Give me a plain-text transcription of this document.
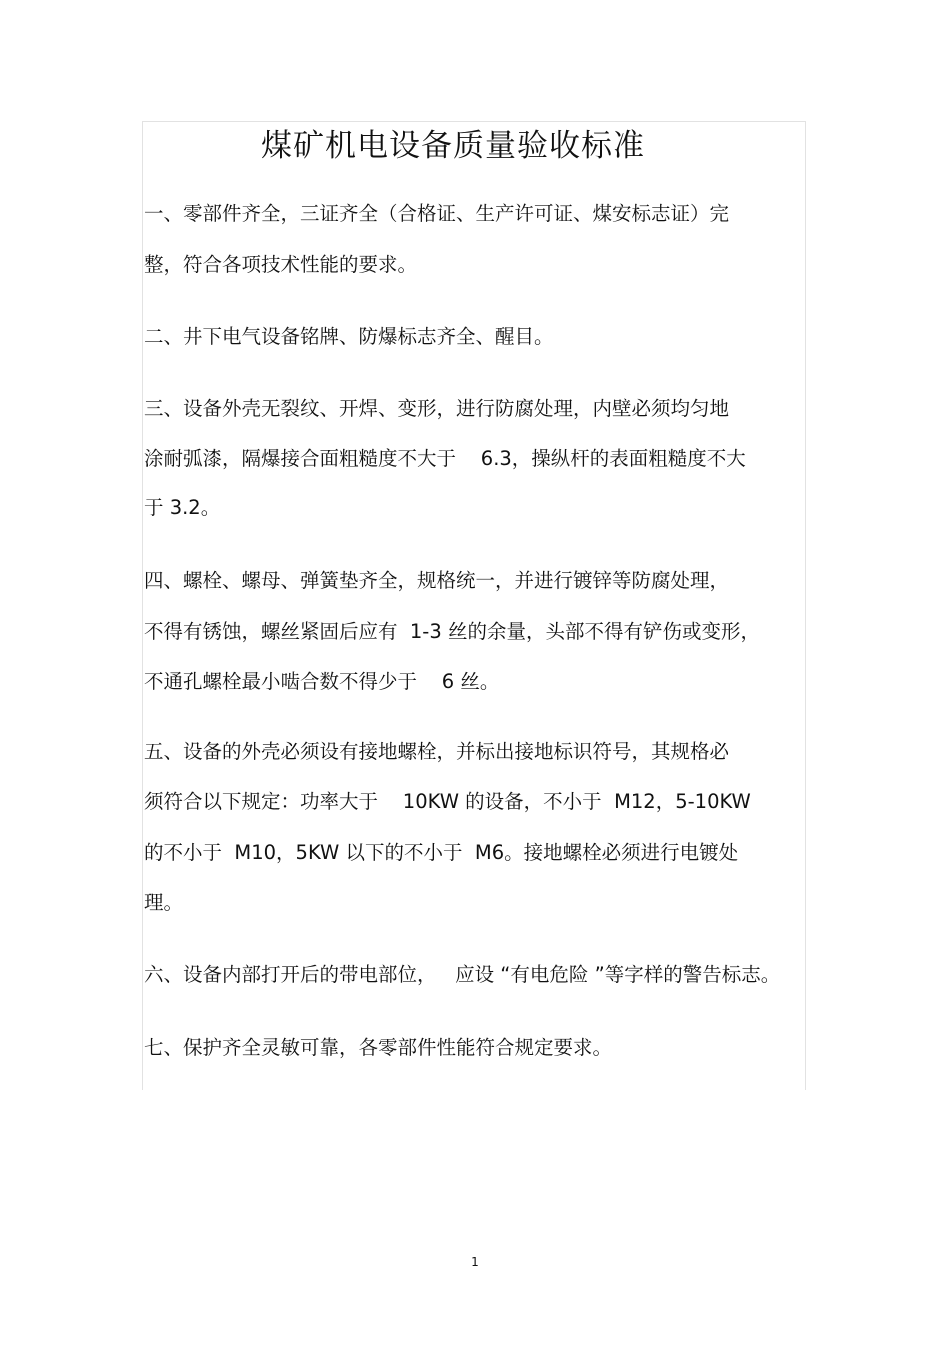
煤矿机电设备质量验收标准
一、零部件齐全，三证齐全（合格证、生产许可证、煤安标志证）完
整，符合各项技术性能的要求。
二、井下电气设备铭牌、防爆标志齐全、醒目。
三、设备外壳无裂纹、开焊、变形，进行防腐处理，内壁必须均匀地
涂耐弧漆，隔爆接合面粗糙度不大于    6.3，操纵杆的表面粗糙度不大
于 3.2。
四、螺栓、螺母、弹簧垫齐全，规格统一，并进行镀锌等防腐处理，
不得有锈蚀，螺丝紧固后应有  1-3 丝的余量，头部不得有铲伤或变形，
不通孔螺栓最小啮合数不得少于    6 丝。
五、设备的外壳必须设有接地螺栓，并标出接地标识符号，其规格必
须符合以下规定：功率大于    10KW 的设备，不小于  M12，5-10KW
的不小于  M10，5KW 以下的不小于  M6。接地螺栓必须进行电镀处
理。
六、设备内部打开后的带电部位，   应设 “有电危险 ”等字样的警告标志。
七、保护齐全灵敏可靠，各零部件性能符合规定要求。
1
